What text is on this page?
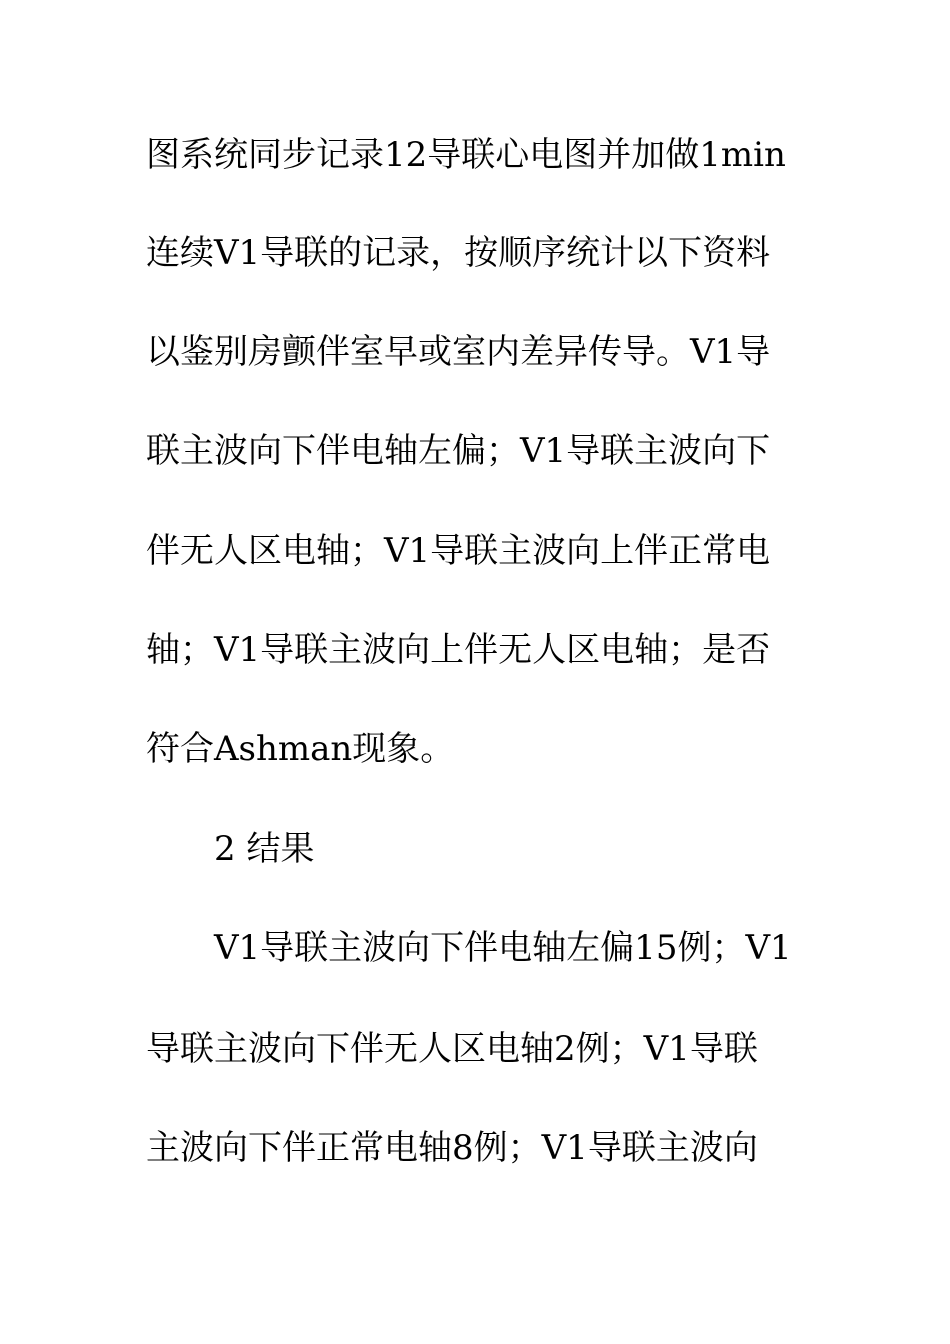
图系统同步记录12导联心电图并加做1min
连续V1导联的记录，按顺序统计以下资料
以鉴别房颤伴室早或室内差异传导。V1导
联主波向下伴电轴左偏；V1导联主波向下
伴无人区电轴；V1导联主波向上伴正常电
轴；V1导联主波向上伴无人区电轴；是否
符合Ashman现象。
2 结果
V1导联主波向下伴电轴左偏15例；V1
导联主波向下伴无人区电轴2例；V1导联
主波向下伴正常电轴8例；V1导联主波向
